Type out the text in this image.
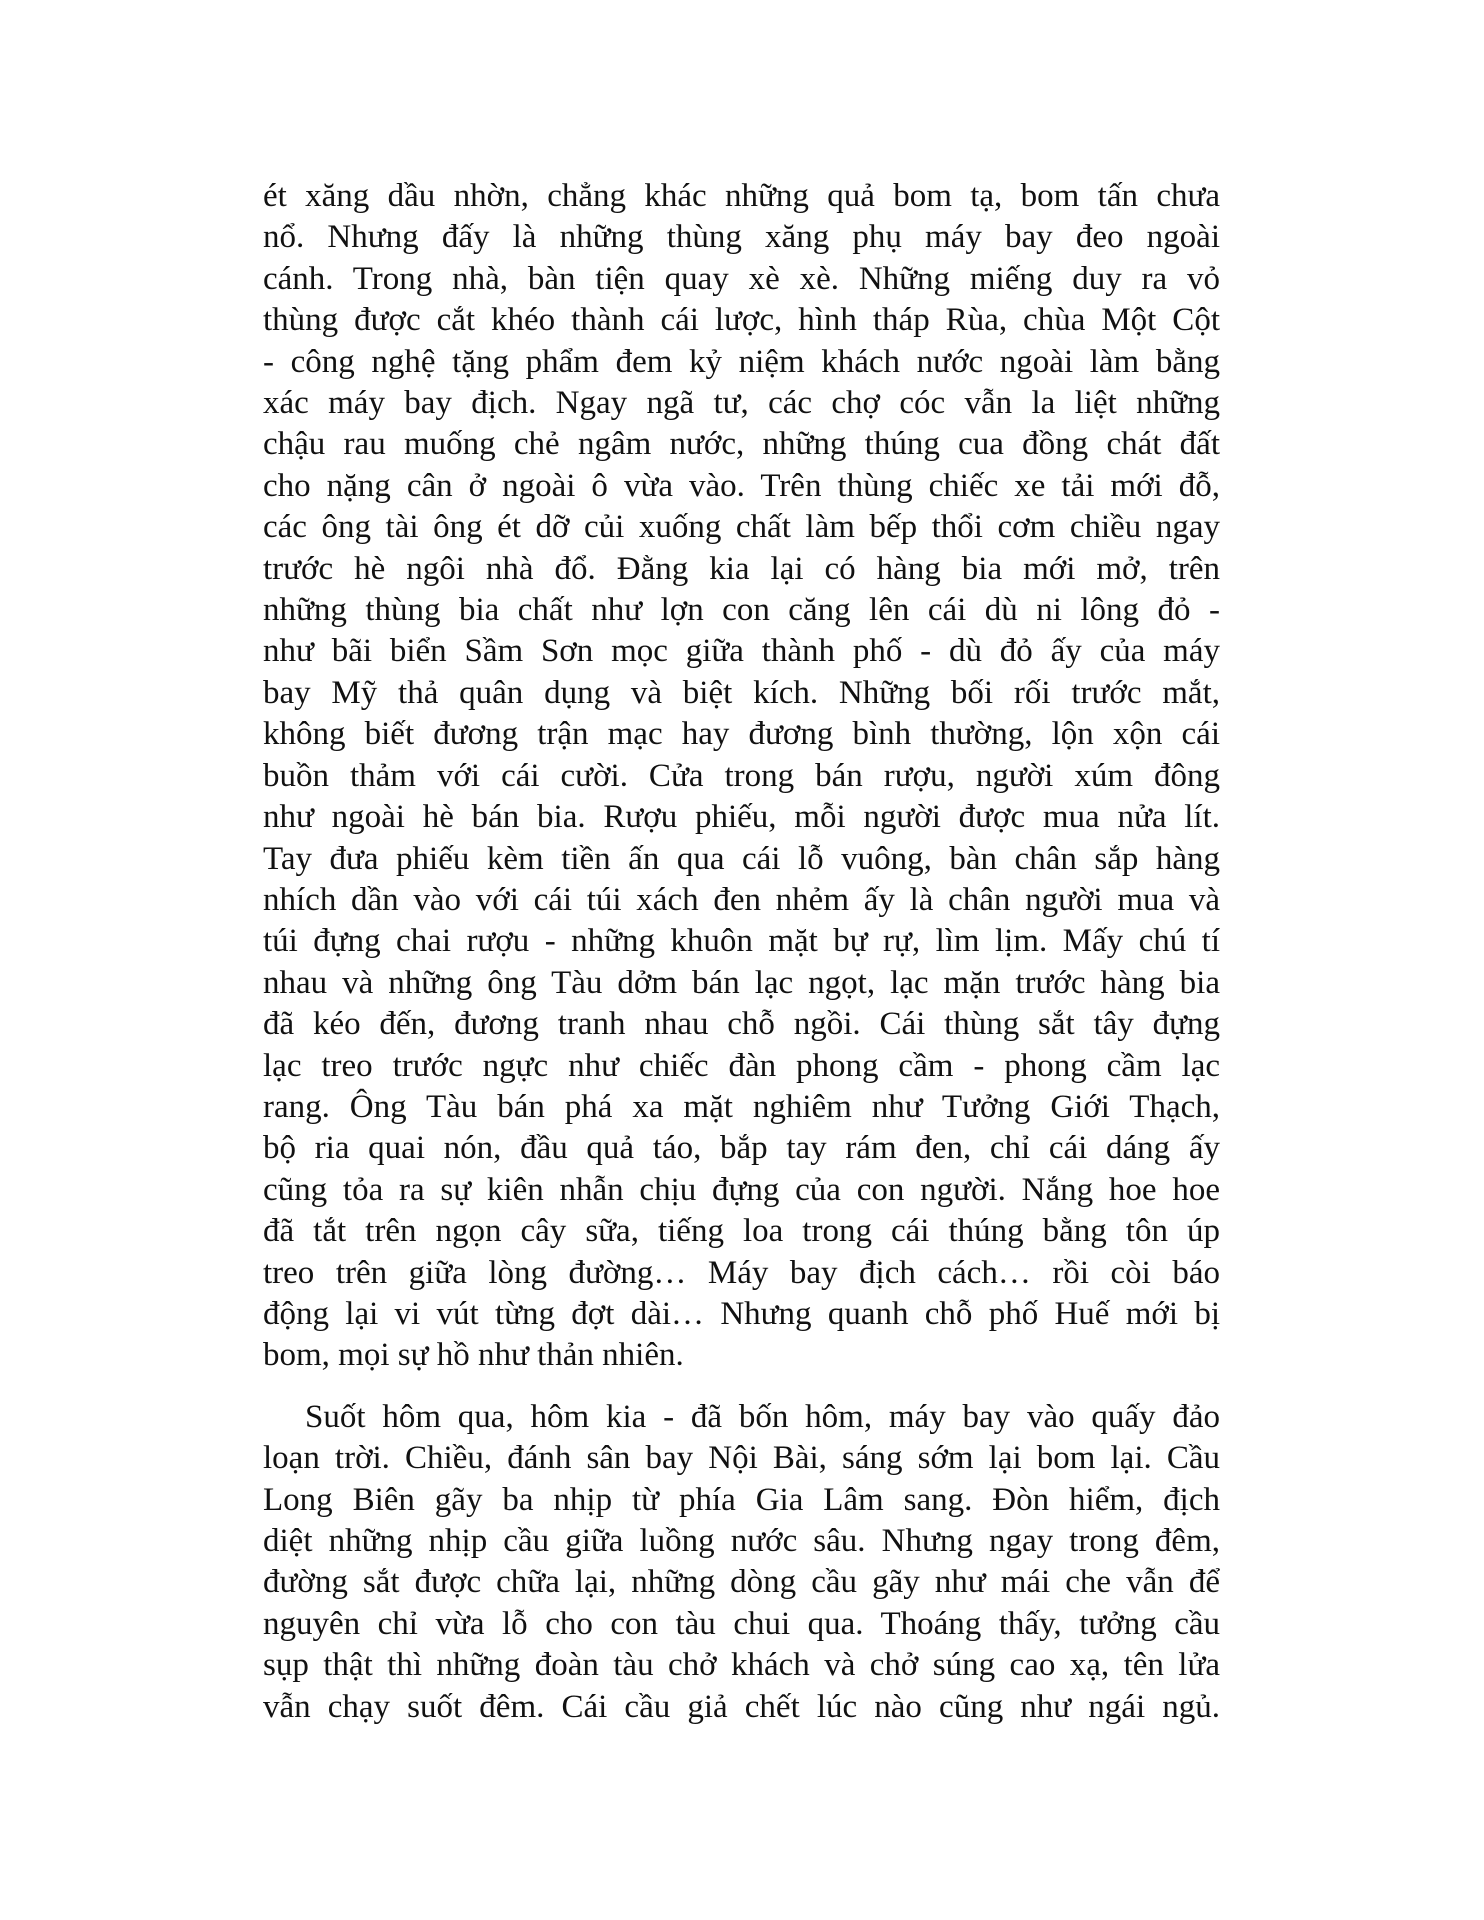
ét xăng dầu nhờn, chẳng khác những quả bom tạ, bom tấn chưa
nổ. Nhưng đấy là những thùng xăng phụ máy bay đeo ngoài
cánh. Trong nhà, bàn tiện quay xè xè. Những miếng duy ra vỏ
thùng được cắt khéo thành cái lược, hình tháp Rùa, chùa Một Cột
- công nghệ tặng phẩm đem kỷ niệm khách nước ngoài làm bằng
xác máy bay địch. Ngay ngã tư, các chợ cóc vẫn la liệt những
chậu rau muống chẻ ngâm nước, những thúng cua đồng chát đất
cho nặng cân ở ngoài ô vừa vào. Trên thùng chiếc xe tải mới đỗ,
các ông tài ông ét dỡ củi xuống chất làm bếp thổi cơm chiều ngay
trước hè ngôi nhà đổ. Đằng kia lại có hàng bia mới mở, trên
những thùng bia chất như lợn con căng lên cái dù ni lông đỏ -
như bãi biển Sầm Sơn mọc giữa thành phố - dù đỏ ấy của máy
bay Mỹ thả quân dụng và biệt kích. Những bối rối trước mắt,
không biết đương trận mạc hay đương bình thường, lộn xộn cái
buồn thảm với cái cười. Cửa trong bán rượu, người xúm đông
như ngoài hè bán bia. Rượu phiếu, mỗi người được mua nửa lít.
Tay đưa phiếu kèm tiền ấn qua cái lỗ vuông, bàn chân sắp hàng
nhích dần vào với cái túi xách đen nhẻm ấy là chân người mua và
túi đựng chai rượu - những khuôn mặt bự rự, lìm lịm. Mấy chú tí
nhau và những ông Tàu dởm bán lạc ngọt, lạc mặn trước hàng bia
đã kéo đến, đương tranh nhau chỗ ngồi. Cái thùng sắt tây đựng
lạc treo trước ngực như chiếc đàn phong cầm - phong cầm lạc
rang. Ông Tàu bán phá xa mặt nghiêm như Tưởng Giới Thạch,
bộ ria quai nón, đầu quả táo, bắp tay rám đen, chỉ cái dáng ấy
cũng tỏa ra sự kiên nhẫn chịu đựng của con người. Nắng hoe hoe
đã tắt trên ngọn cây sữa, tiếng loa trong cái thúng bằng tôn úp
treo trên giữa lòng đường… Máy bay địch cách… rồi còi báo
động lại vi vút từng đợt dài… Nhưng quanh chỗ phố Huế mới bị
bom, mọi sự hồ như thản nhiên.

Suốt hôm qua, hôm kia - đã bốn hôm, máy bay vào quấy đảo
loạn trời. Chiều, đánh sân bay Nội Bài, sáng sớm lại bom lại. Cầu
Long Biên gãy ba nhịp từ phía Gia Lâm sang. Đòn hiểm, địch
diệt những nhịp cầu giữa luồng nước sâu. Nhưng ngay trong đêm,
đường sắt được chữa lại, những dòng cầu gãy như mái che vẫn để
nguyên chỉ vừa lỗ cho con tàu chui qua. Thoáng thấy, tưởng cầu
sụp thật thì những đoàn tàu chở khách và chở súng cao xạ, tên lửa
vẫn chạy suốt đêm. Cái cầu giả chết lúc nào cũng như ngái ngủ.
